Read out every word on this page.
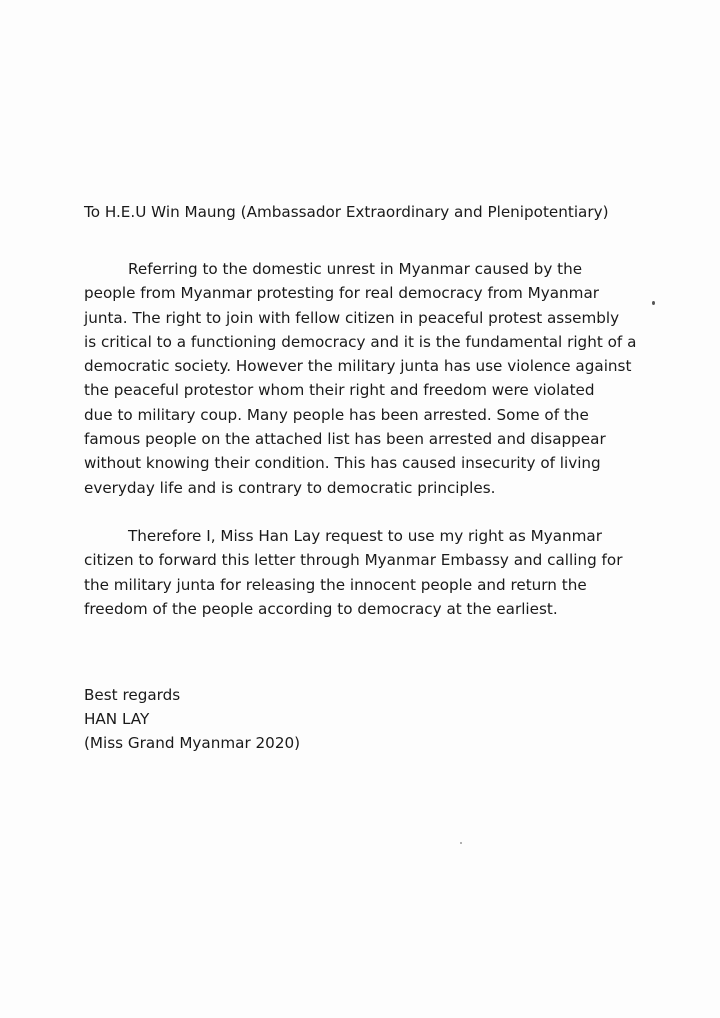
To H.E.U Win Maung (Ambassador Extraordinary and Plenipotentiary)

Referring to the domestic unrest in Myanmar caused by the
people from Myanmar protesting for real democracy from Myanmar
junta. The right to join with fellow citizen in peaceful protest assembly
is critical to a functioning democracy and it is the fundamental right of a
democratic society. However the military junta has use violence against
the peaceful protestor whom their right and freedom were violated
due to military coup. Many people has been arrested. Some of the
famous people on the attached list has been arrested and disappear
without knowing their condition. This has caused insecurity of living
everyday life and is contrary to democratic principles.

Therefore I, Miss Han Lay request to use my right as Myanmar
citizen to forward this letter through Myanmar Embassy and calling for
the military junta for releasing the innocent people and return the
freedom of the people according to democracy at the earliest.

Best regards
HAN LAY
(Miss Grand Myanmar 2020)
